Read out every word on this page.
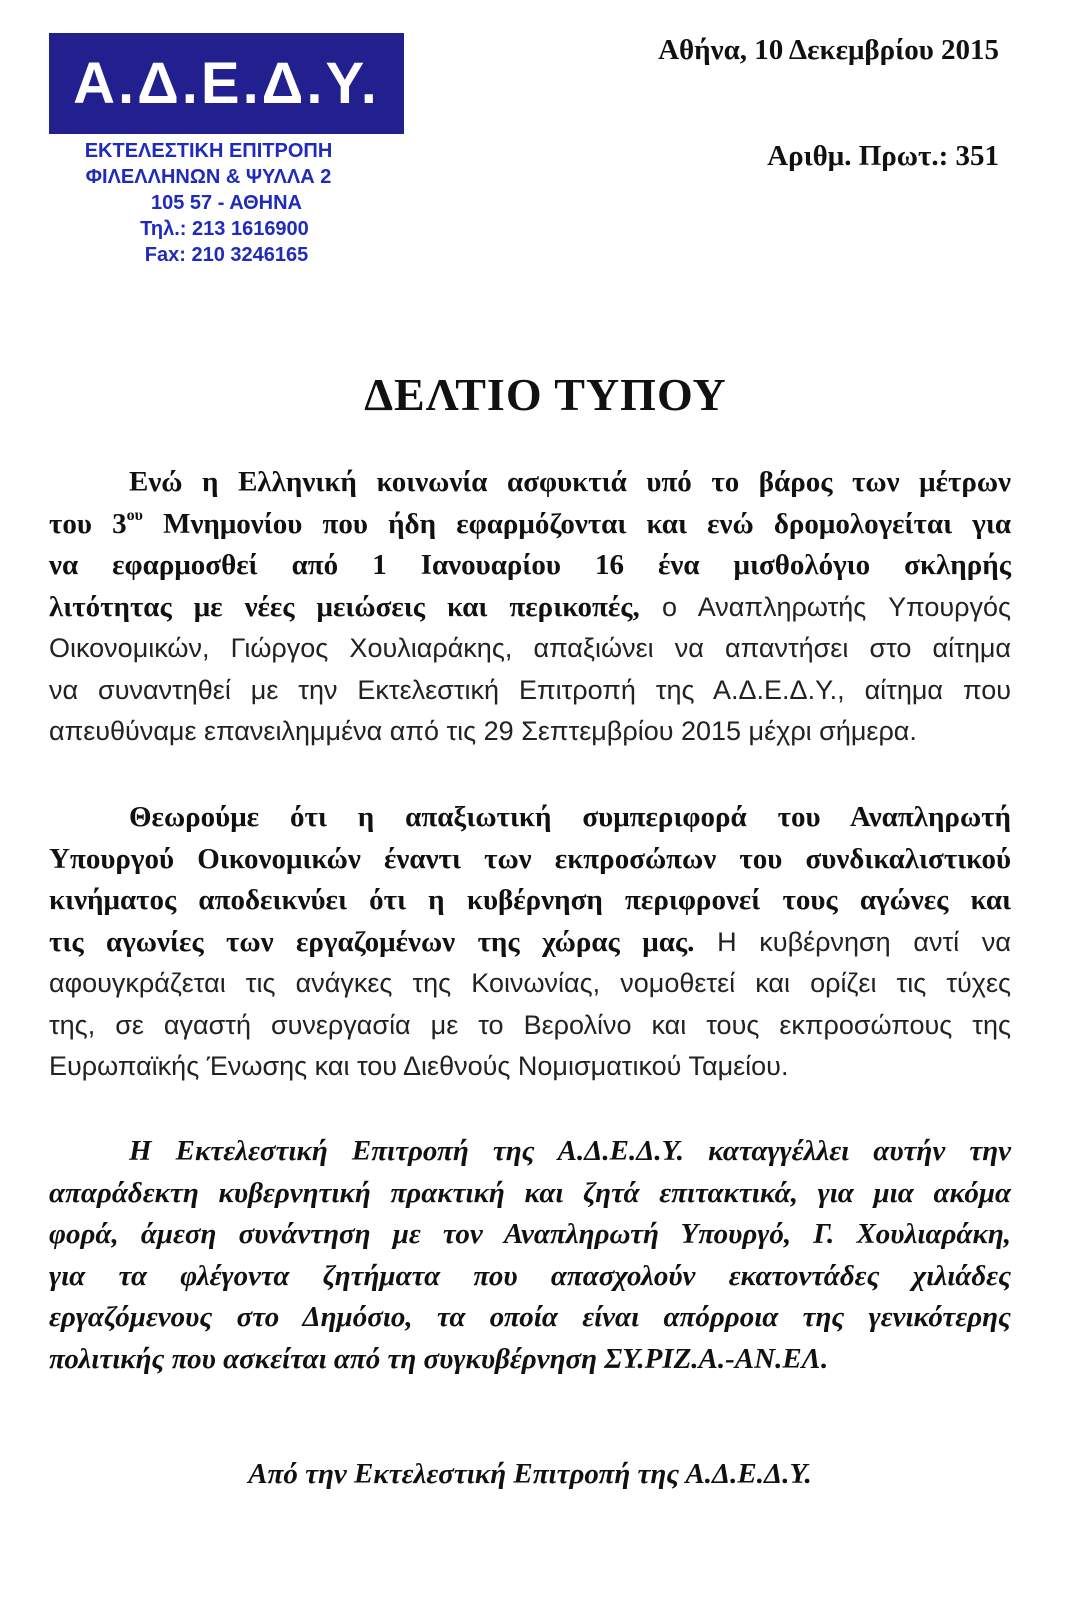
Α.Δ.Ε.Δ.Υ.
ΕΚΤΕΛΕΣΤΙΚΗ ΕΠΙΤΡΟΠΗ
ΦΙΛΕΛΛΗΝΩΝ & ΨΥΛΛΑ 2
105 57 - ΑΘΗΝΑ
Τηλ.: 213 1616900
Fax: 210 3246165
Αθήνα, 10 Δεκεμβρίου 2015
Αριθμ. Πρωτ.: 351
ΔΕΛΤΙΟ ΤΥΠΟΥ
Ενώ η Ελληνική κοινωνία ασφυκτιά υπό το βάρος των μέτρων
του $3^{o\upsilon}$ Μνημονίου που ήδη εφαρμόζονται και ενώ δρομολογείται για
να εφαρμοσθεί από 1 Ιανουαρίου 16 ένα μισθολόγιο σκληρής
λιτότητας με νέες μειώσεις και περικοπές, ο Αναπληρωτής Υπουργός
Οικονομικών, Γιώργος Χουλιαράκης, απαξιώνει να απαντήσει στο αίτημα
να συναντηθεί με την Εκτελεστική Επιτροπή της Α.Δ.Ε.Δ.Υ., αίτημα που
απευθύναμε επανειλημμένα από τις 29 Σεπτεμβρίου 2015 μέχρι σήμερα.
Θεωρούμε ότι η απαξιωτική συμπεριφορά του Αναπληρωτή
Υπουργού Οικονομικών έναντι των εκπροσώπων του συνδικαλιστικού
κινήματος αποδεικνύει ότι η κυβέρνηση περιφρονεί τους αγώνες και
τις αγωνίες των εργαζομένων της χώρας μας. Η κυβέρνηση αντί να
αφουγκράζεται τις ανάγκες της Κοινωνίας, νομοθετεί και ορίζει τις τύχες
της, σε αγαστή συνεργασία με το Βερολίνο και τους εκπροσώπους της
Ευρωπαϊκής Ένωσης και του Διεθνούς Νομισματικού Ταμείου.
Η Εκτελεστική Επιτροπή της Α.Δ.Ε.Δ.Υ. καταγγέλλει αυτήν την
απαράδεκτη κυβερνητική πρακτική και ζητά επιτακτικά, για μια ακόμα
φορά, άμεση συνάντηση με τον Αναπληρωτή Υπουργό, Γ. Χουλιαράκη,
για τα φλέγοντα ζητήματα που απασχολούν εκατοντάδες χιλιάδες
εργαζόμενους στο Δημόσιο, τα οποία είναι απόρροια της γενικότερης
πολιτικής που ασκείται από τη συγκυβέρνηση ΣΥ.ΡΙΖ.Α.-ΑΝ.ΕΛ.
Από την Εκτελεστική Επιτροπή της Α.Δ.Ε.Δ.Υ.
